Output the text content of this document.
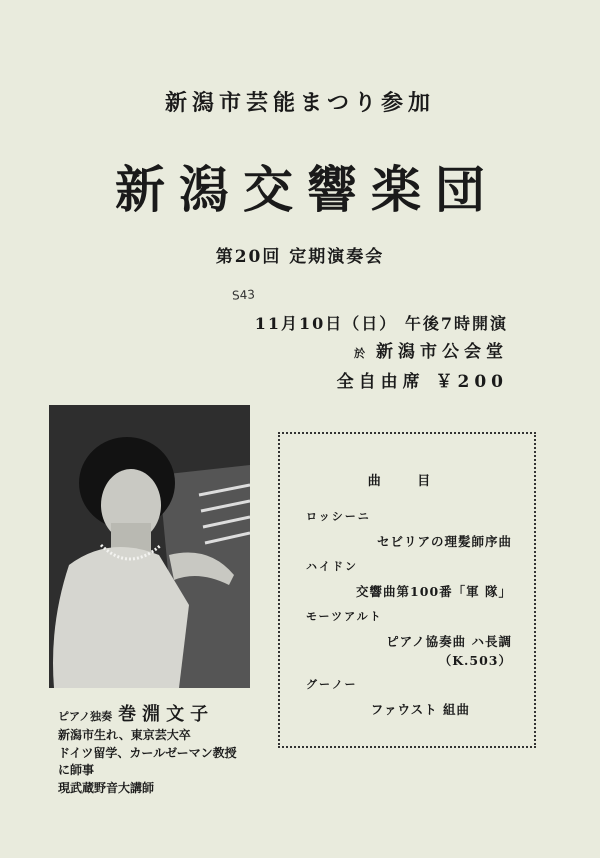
新潟市芸能まつり参加
新潟交響楽団
第20回 定期演奏会
S43
11月10日（日） 午後7時開演
於 新潟市公会堂
全自由席 ￥200
ピアノ独奏 巻淵文子
新潟市生れ、東京芸大卒
ドイツ留学、カールゼーマン教授
に師事
現武蔵野音大講師
曲 目
ロッシーニ
セビリアの理髪師序曲
ハイドン
交響曲第100番「軍 隊」
モーツアルト
ピアノ協奏曲 ハ長調
（K.503）
グーノー
ファウスト 組曲
